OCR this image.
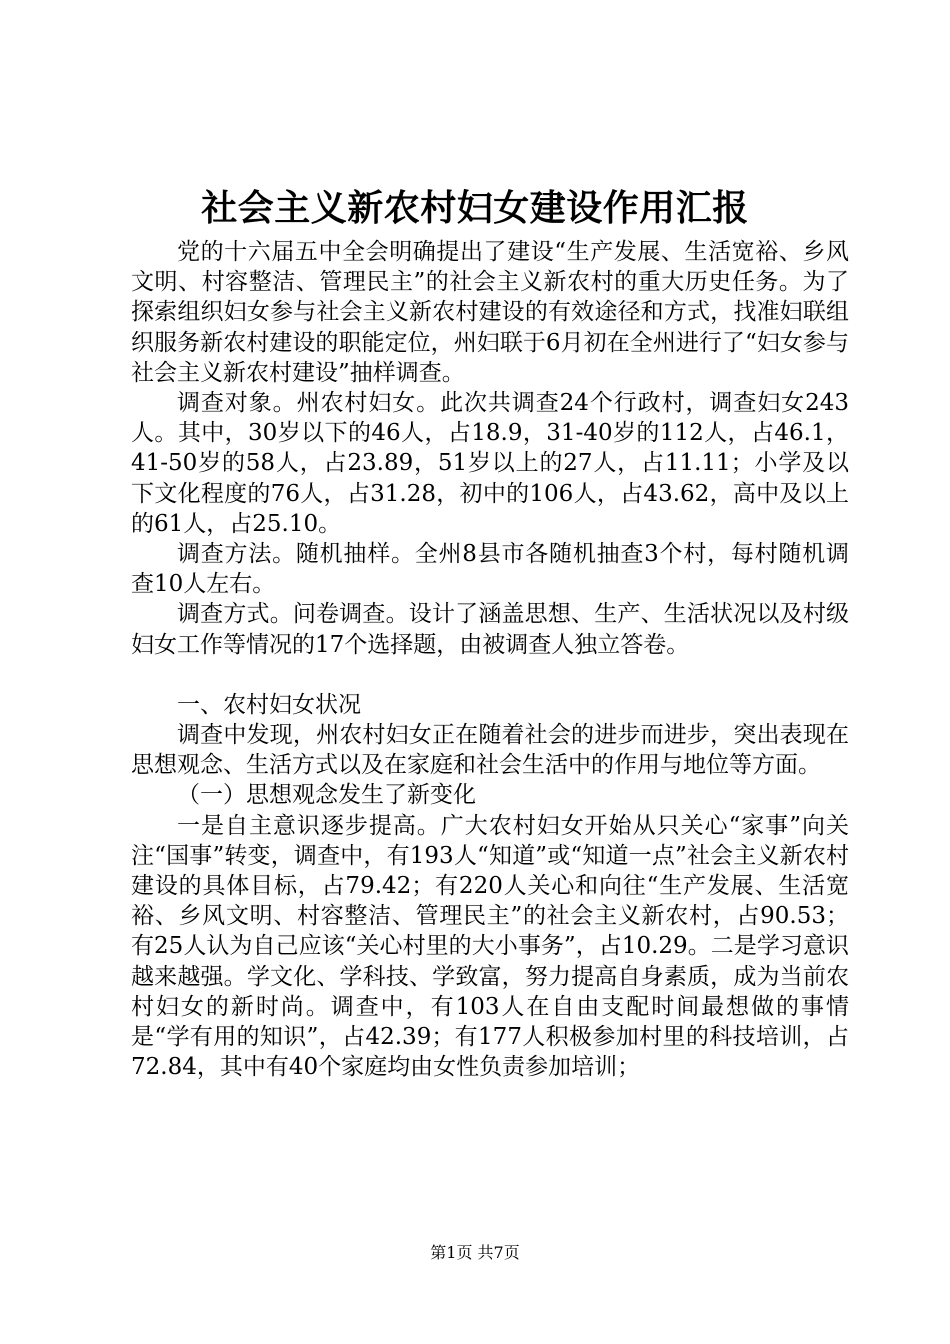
社会主义新农村妇女建设作用汇报

党的十六届五中全会明确提出了建设“生产发展、生活宽裕、乡风文明、村容整洁、管理民主”的社会主义新农村的重大历史任务。为了探索组织妇女参与社会主义新农村建设的有效途径和方式，找准妇联组织服务新农村建设的职能定位，州妇联于6月初在全州进行了“妇女参与社会主义新农村建设”抽样调查。

调查对象。州农村妇女。此次共调查24个行政村，调查妇女243人。其中，30岁以下的46人，占18.9，31-40岁的112人，占46.1，41-50岁的58人，占23.89，51岁以上的27人，占11.11；小学及以下文化程度的76人，占31.28，初中的106人，占43.62，高中及以上的61人，占25.10。

调查方法。随机抽样。全州8县市各随机抽查3个村，每村随机调查10人左右。

调查方式。问卷调查。设计了涵盖思想、生产、生活状况以及村级妇女工作等情况的17个选择题，由被调查人独立答卷。

一、农村妇女状况

调查中发现，州农村妇女正在随着社会的进步而进步，突出表现在思想观念、生活方式以及在家庭和社会生活中的作用与地位等方面。

（一）思想观念发生了新变化

一是自主意识逐步提高。广大农村妇女开始从只关心“家事”向关注“国事”转变，调查中，有193人“知道”或“知道一点”社会主义新农村建设的具体目标，占79.42；有220人关心和向往“生产发展、生活宽裕、乡风文明、村容整洁、管理民主”的社会主义新农村，占90.53；有25人认为自己应该“关心村里的大小事务”，占10.29。二是学习意识越来越强。学文化、学科技、学致富，努力提高自身素质，成为当前农村妇女的新时尚。调查中，有103人在自由支配时间最想做的事情是“学有用的知识”，占42.39；有177人积极参加村里的科技培训，占72.84，其中有40个家庭均由女性负责参加培训；

第1页 共7页
